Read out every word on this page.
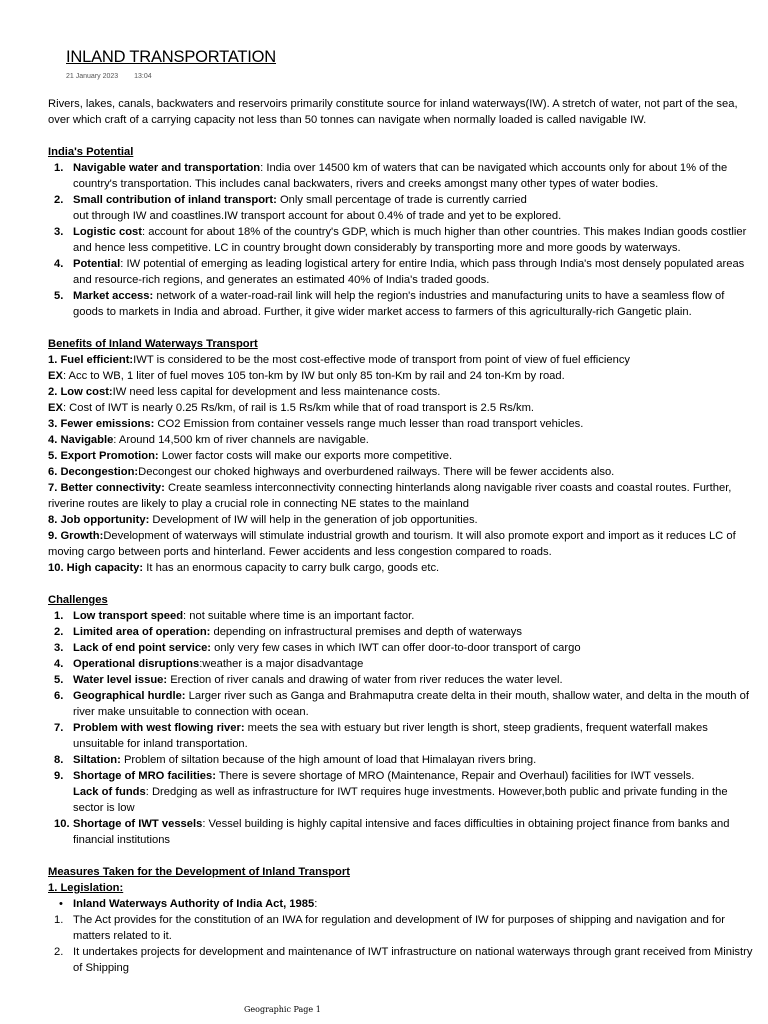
INLAND TRANSPORTATION
21 January 2023 13:04

Rivers, lakes, canals, backwaters and reservoirs primarily constitute source for inland waterways(IW). A stretch of water, not part of the sea, over which craft of a carrying capacity not less than 50 tonnes can navigate when normally loaded is called navigable IW.

India's Potential

1. Navigable water and transportation: India over 14500 km of waters that can be navigated which accounts only for about 1% of the country's transportation. This includes canal backwaters, rivers and creeks amongst many other types of water bodies.
2. Small contribution of inland transport: Only small percentage of trade is currently carried
out through IW and coastlines.IW transport account for about 0.4% of trade and yet to be explored.
3. Logistic cost: account for about 18% of the country's GDP, which is much higher than other countries. This makes Indian goods costlier and hence less competitive. LC in country brought down considerably by transporting more and more goods by waterways.
4. Potential: IW potential of emerging as leading logistical artery for entire India, which pass through India's most densely populated areas and resource-rich regions, and generates an estimated 40% of India's traded goods.
5. Market access: network of a water-road-rail link will help the region's industries and manufacturing units to have a seamless flow of goods to markets in India and abroad. Further, it give wider market access to farmers of this agriculturally-rich Gangetic plain.

Benefits of Inland Waterways Transport

1. Fuel efficient:IWT is considered to be the most cost-effective mode of transport from point of view of fuel efficiency

EX: Acc to WB, 1 liter of fuel moves 105 ton-km by IW but only 85 ton-Km by rail and 24 ton-Km by road.

2. Low cost:IW need less capital for development and less maintenance costs.

EX: Cost of IWT is nearly 0.25 Rs/km, of rail is 1.5 Rs/km while that of road transport is 2.5 Rs/km.

3. Fewer emissions: CO2 Emission from container vessels range much lesser than road transport vehicles.

4. Navigable: Around 14,500 km of river channels are navigable.

5. Export Promotion: Lower factor costs will make our exports more competitive.

6. Decongestion:Decongest our choked highways and overburdened railways. There will be fewer accidents also.

7. Better connectivity: Create seamless interconnectivity connecting hinterlands along navigable river coasts and coastal routes. Further, riverine routes are likely to play a crucial role in connecting NE states to the mainland

8. Job opportunity: Development of IW will help in the generation of job opportunities.

9. Growth:Development of waterways will stimulate industrial growth and tourism. It will also promote export and import as it reduces LC of moving cargo between ports and hinterland. Fewer accidents and less congestion compared to roads.

10. High capacity: It has an enormous capacity to carry bulk cargo, goods etc.

Challenges

1. Low transport speed: not suitable where time is an important factor.
2. Limited area of operation: depending on infrastructural premises and depth of waterways
3. Lack of end point service: only very few cases in which IWT can offer door-to-door transport of cargo
4. Operational disruptions:weather is a major disadvantage
5. Water level issue: Erection of river canals and drawing of water from river reduces the water level.
6. Geographical hurdle: Larger river such as Ganga and Brahmaputra create delta in their mouth, shallow water, and delta in the mouth of river make unsuitable to connection with ocean.
7. Problem with west flowing river: meets the sea with estuary but river length is short, steep gradients, frequent waterfall makes unsuitable for inland transportation.
8. Siltation: Problem of siltation because of the high amount of load that Himalayan rivers bring.
9. Shortage of MRO facilities: There is severe shortage of MRO (Maintenance, Repair and Overhaul) facilities for IWT vessels.
Lack of funds: Dredging as well as infrastructure for IWT requires huge investments. However,both public and private funding in the sector is low
10. Shortage of IWT vessels: Vessel building is highly capital intensive and faces difficulties in obtaining project finance from banks and financial institutions

Measures Taken for the Development of Inland Transport

1. Legislation:

• Inland Waterways Authority of India Act, 1985:
1. The Act provides for the constitution of an IWA for regulation and development of IW for purposes of shipping and navigation and for matters related to it.
2. It undertakes projects for development and maintenance of IWT infrastructure on national waterways through grant received from Ministry of Shipping
Geographic Page 1
